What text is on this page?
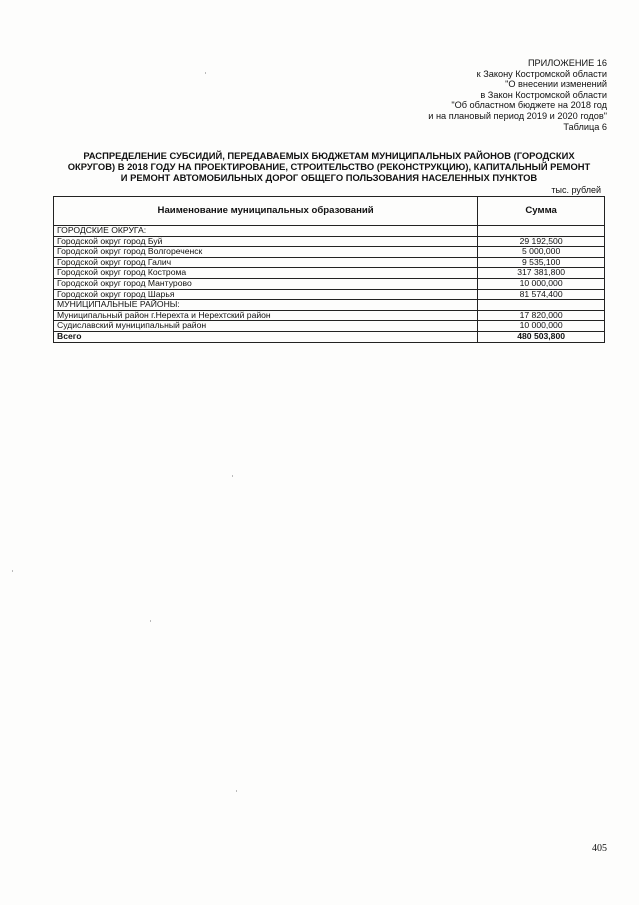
ПРИЛОЖЕНИЕ 16
к Закону Костромской области
"О внесении изменений
в Закон Костромской области
"Об областном бюджете на 2018 год
и на плановый период 2019 и 2020 годов"
Таблица 6
РАСПРЕДЕЛЕНИЕ СУБСИДИЙ, ПЕРЕДАВАЕМЫХ БЮДЖЕТАМ МУНИЦИПАЛЬНЫХ РАЙОНОВ (ГОРОДСКИХ
ОКРУГОВ) В 2018 ГОДУ НА ПРОЕКТИРОВАНИЕ, СТРОИТЕЛЬСТВО (РЕКОНСТРУКЦИЮ), КАПИТАЛЬНЫЙ РЕМОНТ
И РЕМОНТ АВТОМОБИЛЬНЫХ ДОРОГ ОБЩЕГО ПОЛЬЗОВАНИЯ НАСЕЛЕННЫХ ПУНКТОВ
тыс. рублей
Наименование муниципальных образований	Сумма
ГОРОДСКИЕ ОКРУГА:	
Городской округ город Буй	29 192,500
Городской округ город Волгореченск	5 000,000
Городской округ город Галич	9 535,100
Городской округ город Кострома	317 381,800
Городской округ город Мантурово	10 000,000
Городской округ город Шарья	81 574,400
МУНИЦИПАЛЬНЫЕ РАЙОНЫ:	
Муниципальный район г.Нерехта и Нерехтский район	17 820,000
Судиславский муниципальный район	10 000,000
Всего	480 503,800
405
